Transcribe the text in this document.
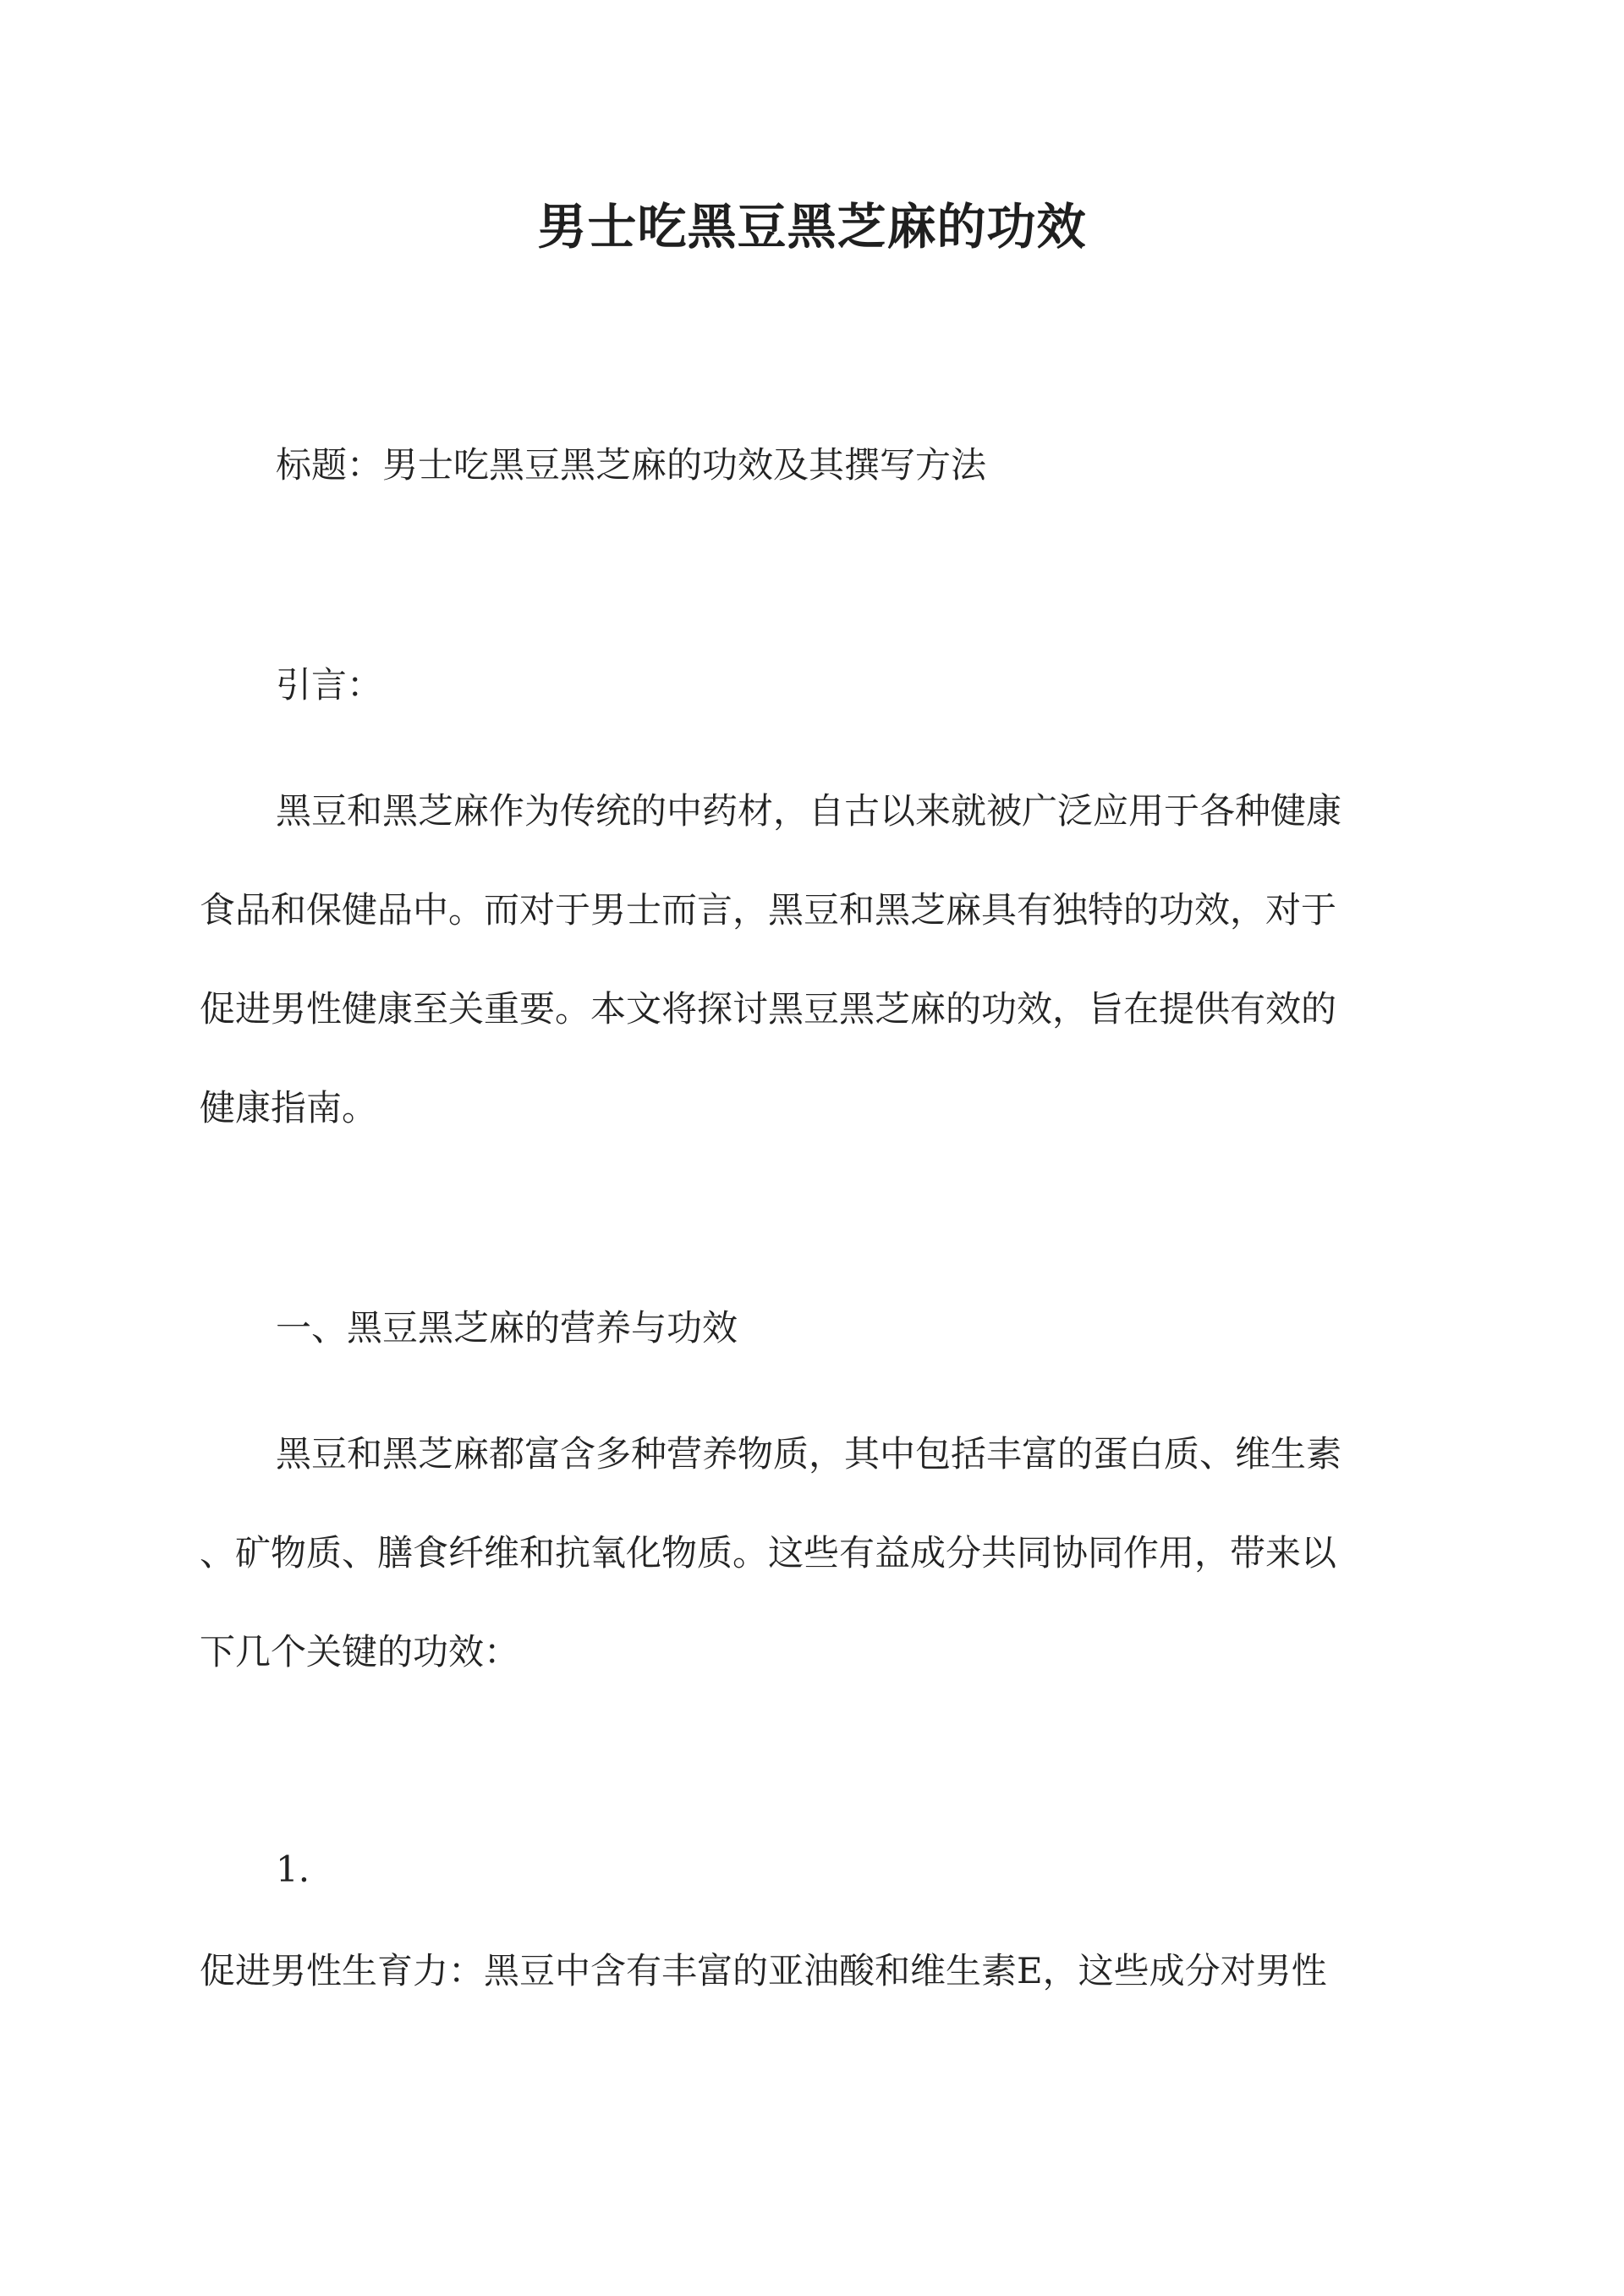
男士吃黑豆黑芝麻的功效
标题：男士吃黑豆黑芝麻的功效及其撰写方法
引言：
黑豆和黑芝麻作为传统的中药材，自古以来就被广泛应用于各种健康
食品和保健品中。而对于男士而言，黑豆和黑芝麻具有独特的功效，对于
促进男性健康至关重要。本文将探讨黑豆黑芝麻的功效，旨在提供有效的
健康指南。
一、黑豆黑芝麻的营养与功效
黑豆和黑芝麻都富含多种营养物质，其中包括丰富的蛋白质、维生素
、矿物质、膳食纤维和抗氧化物质。这些有益成分共同协同作用，带来以
下几个关键的功效：
1.
促进男性生育力：黑豆中含有丰富的亚油酸和维生素E，这些成分对男性
